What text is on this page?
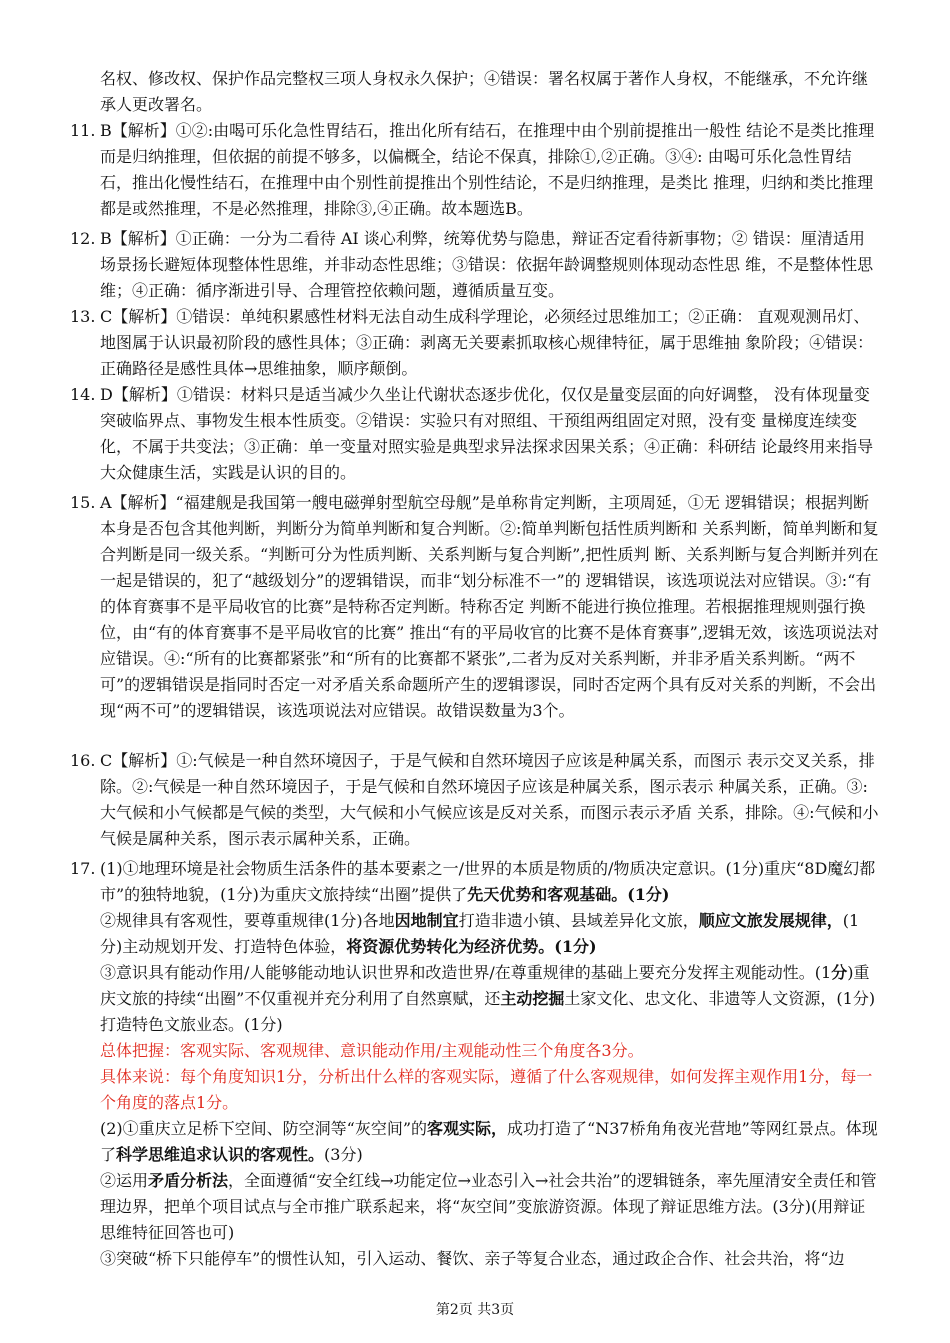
名权、修改权、保护作品完整权三项人身权永久保护；④错误：署名权属于著作人身权，不能继承，不允许继承人更改署名。
11. B【解析】①②:由喝可乐化急性胃结石，推出化所有结石，在推理中由个别前提推出一般性 结论不是类比推理而是归纳推理，但依据的前提不够多，以偏概全，结论不保真，排除①,②正确。③④: 由喝可乐化急性胃结石，推出化慢性结石，在推理中由个别性前提推出个别性结论，不是归纳推理，是类比 推理，归纳和类比推理都是或然推理，不是必然推理，排除③,④正确。故本题选B。
12. B【解析】①正确：一分为二看待 AI 谈心利弊，统筹优势与隐患，辩证否定看待新事物；② 错误：厘清适用场景扬长避短体现整体性思维，并非动态性思维；③错误：依据年龄调整规则体现动态性思 维，不是整体性思维；④正确：循序渐进引导、合理管控依赖问题，遵循质量互变。
13. C【解析】①错误：单纯积累感性材料无法自动生成科学理论，必须经过思维加工；②正确： 直观观测吊灯、地图属于认识最初阶段的感性具体；③正确：剥离无关要素抓取核心规律特征，属于思维抽 象阶段；④错误：正确路径是感性具体→思维抽象，顺序颠倒。
14. D【解析】①错误：材料只是适当减少久坐让代谢状态逐步优化，仅仅是量变层面的向好调整， 没有体现量变突破临界点、事物发生根本性质变。②错误：实验只有对照组、干预组两组固定对照，没有变 量梯度连续变化，不属于共变法；③正确：单一变量对照实验是典型求异法探求因果关系；④正确：科研结 论最终用来指导大众健康生活，实践是认识的目的。
15. A【解析】“福建舰是我国第一艘电磁弹射型航空母舰”是单称肯定判断，主项周延，①无 逻辑错误；根据判断本身是否包含其他判断，判断分为简单判断和复合判断。②:简单判断包括性质判断和 关系判断，简单判断和复合判断是同一级关系。“判断可分为性质判断、关系判断与复合判断”,把性质判 断、关系判断与复合判断并列在一起是错误的，犯了“越级划分”的逻辑错误，而非“划分标准不一”的 逻辑错误，该选项说法对应错误。③:“有的体育赛事不是平局收官的比赛”是特称否定判断。特称否定 判断不能进行换位推理。若根据推理规则强行换位，由“有的体育赛事不是平局收官的比赛” 推出“有的平局收官的比赛不是体育赛事”,逻辑无效，该选项说法对应错误。④:“所有的比赛都紧张”和“所有的比赛都不紧张”,二者为反对关系判断，并非矛盾关系判断。“两不可”的逻辑错误是指同时否定一对矛盾关系命题所产生的逻辑谬误，同时否定两个具有反对关系的判断，不会出现“两不可”的逻辑错误，该选项说法对应错误。故错误数量为3个。
16. C【解析】①:气候是一种自然环境因子，于是气候和自然环境因子应该是种属关系，而图示 表示交叉关系，排除。②:气候是一种自然环境因子，于是气候和自然环境因子应该是种属关系，图示表示 种属关系，正确。③:大气候和小气候都是气候的类型，大气候和小气候应该是反对关系，而图示表示矛盾 关系，排除。④:气候和小气候是属种关系，图示表示属种关系，正确。
17. (1)①地理环境是社会物质生活条件的基本要素之一/世界的本质是物质的/物质决定意识。(1分)重庆“8D魔幻都市”的独特地貌，(1分)为重庆文旅持续“出圈”提供了先天优势和客观基础。(1分)
②规律具有客观性，要尊重规律(1分)各地因地制宜打造非遗小镇、县域差异化文旅，顺应文旅发展规律，(1分)主动规划开发、打造特色体验，将资源优势转化为经济优势。(1分)
③意识具有能动作用/人能够能动地认识世界和改造世界/在尊重规律的基础上要充分发挥主观能动性。(1分)重庆文旅的持续“出圈”不仅重视并充分利用了自然禀赋，还主动挖掘土家文化、忠文化、非遗等人文资源，(1分)打造特色文旅业态。(1分)
总体把握：客观实际、客观规律、意识能动作用/主观能动性三个角度各3分。
具体来说：每个角度知识1分，分析出什么样的客观实际，遵循了什么客观规律，如何发挥主观作用1分，每一个角度的落点1分。
(2)①重庆立足桥下空间、防空洞等“灰空间”的客观实际，成功打造了“N37桥角角夜光营地”等网红景点。体现了科学思维追求认识的客观性。(3分)
②运用矛盾分析法，全面遵循“安全红线→功能定位→业态引入→社会共治”的逻辑链条，率先厘清安全责任和管理边界，把单个项目试点与全市推广联系起来，将“灰空间”变旅游资源。体现了辩证思维方法。(3分)(用辩证思维特征回答也可)
③突破“桥下只能停车”的惯性认知，引入运动、餐饮、亲子等复合业态，通过政企合作、社会共治，将“边
第2页 共3页
